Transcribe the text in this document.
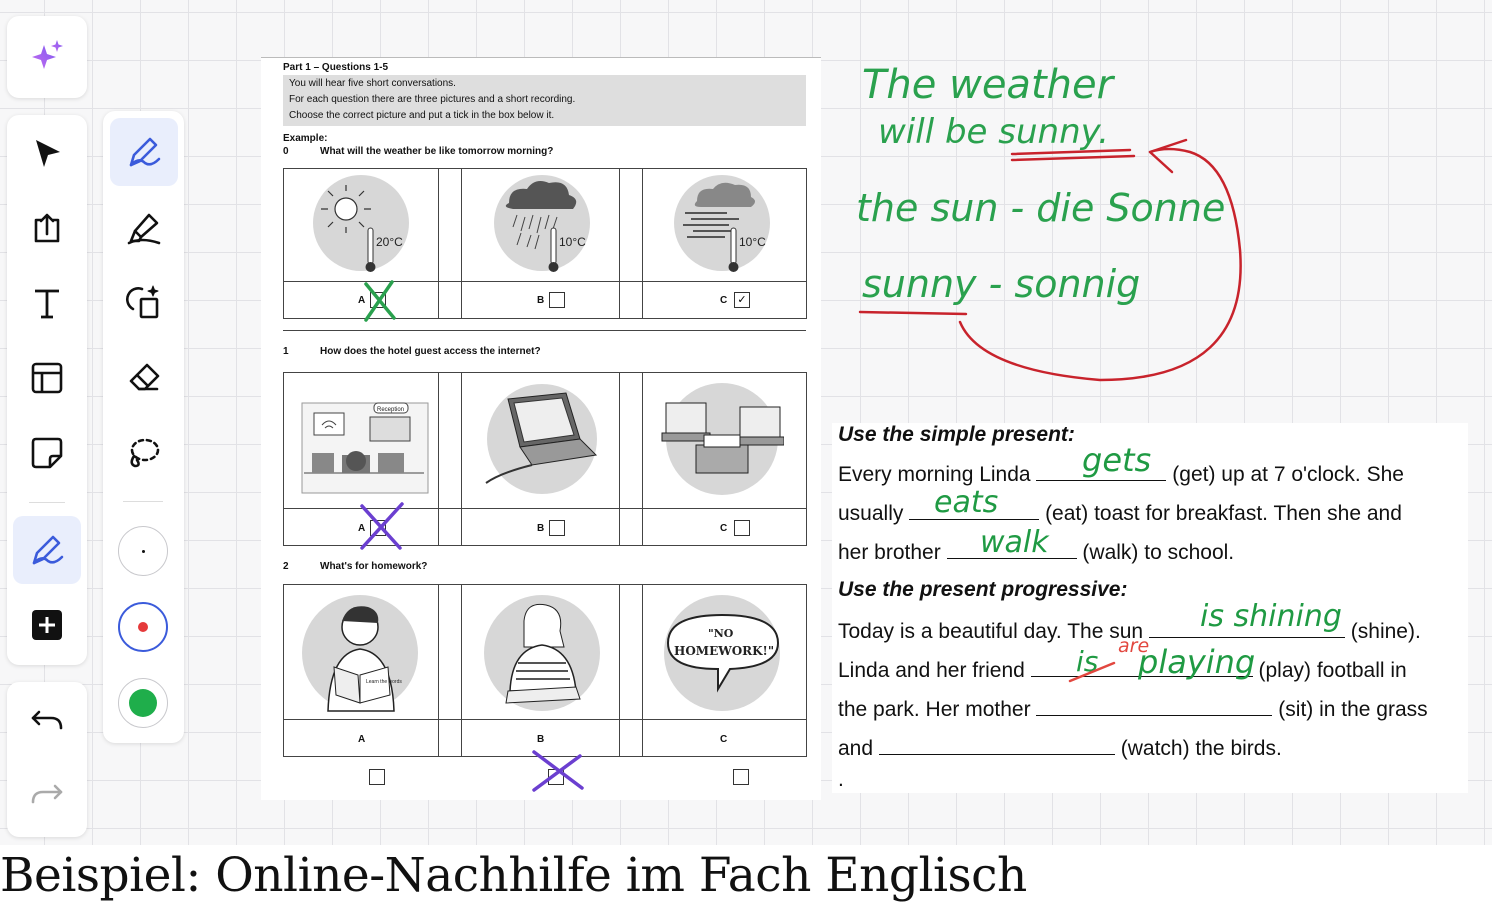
Part 1 – Questions 1-5
You will hear five short conversations.
For each question there are three pictures and a short recording.
Choose the correct picture and put a tick in the box below it.
Example:
0	What will the weather be like tomorrow morning?
20°C	10°C	10°C
A	B	C ✓
1	How does the hotel guest access the internet?
Reception
A	B	C
2	What's for homework?
Learn the words
"NO
HOMEWORK!"
A	B	C
Use the simple present:
Every morning Linda	(get) up at 7 o'clock. She
usually	(eat) toast for breakfast. Then she and
her brother	(walk) to school.
Use the present progressive:
Today is a beautiful day. The sun	(shine).
Linda and her friend	(play) football in
the park. Her mother	(sit) in the grass
and	(watch) the birds.
.
gets
eats
walk
is shining
is are
playing
The weather
will be sunny.
the sun - die Sonne
sunny - sonnig
Beispiel: Online-Nachhilfe im Fach Englisch
